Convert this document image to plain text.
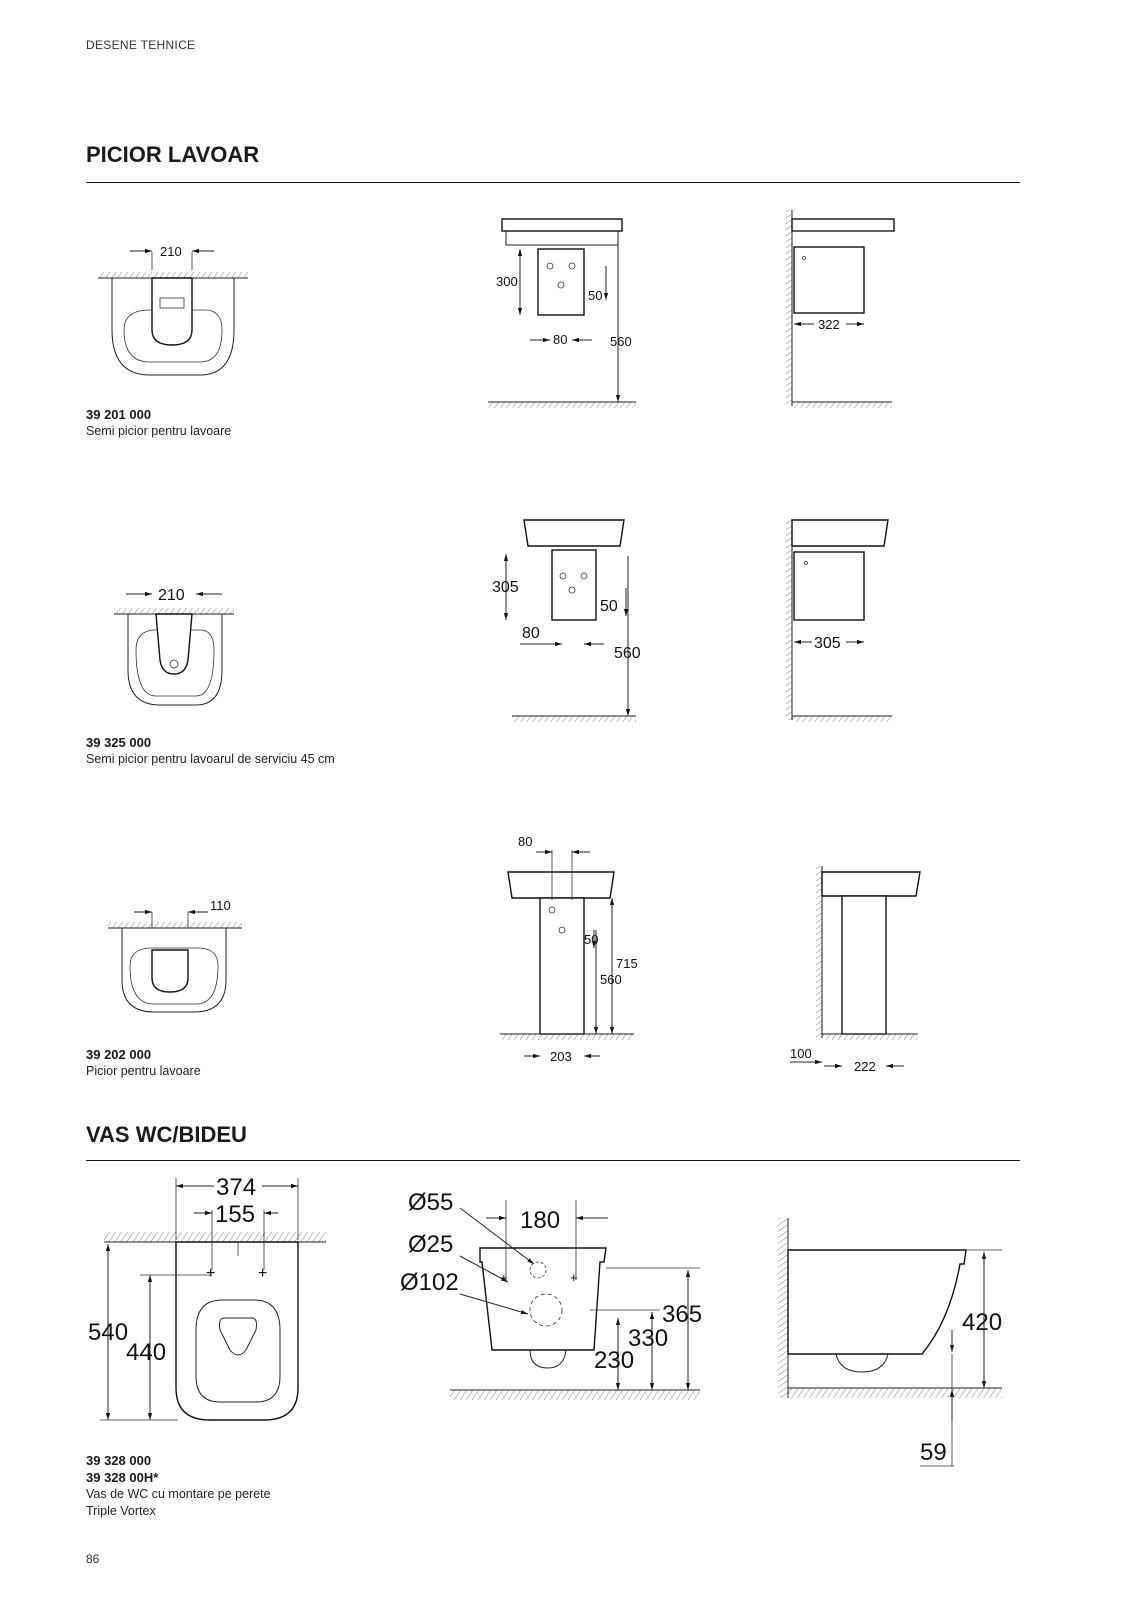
DESENE TEHNICE
PICIOR LAVOAR
VAS WC/BIDEU
39 201 000
Semi picior pentru lavoare
39 325 000
Semi picior pentru lavoarul de serviciu 45 cm
39 202 000
Picior pentru lavoare
39 328 000
39 328 00H*
Vas de WC cu montare pe perete
Triple Vortex
86
210
300
50
560
80
322
210	305
50
560
80
305
110
80
50
715
560
203	100
222
+	+
374
155
540
440
+	+
180
Ø55
Ø25
Ø102
365
330
230
420
59
